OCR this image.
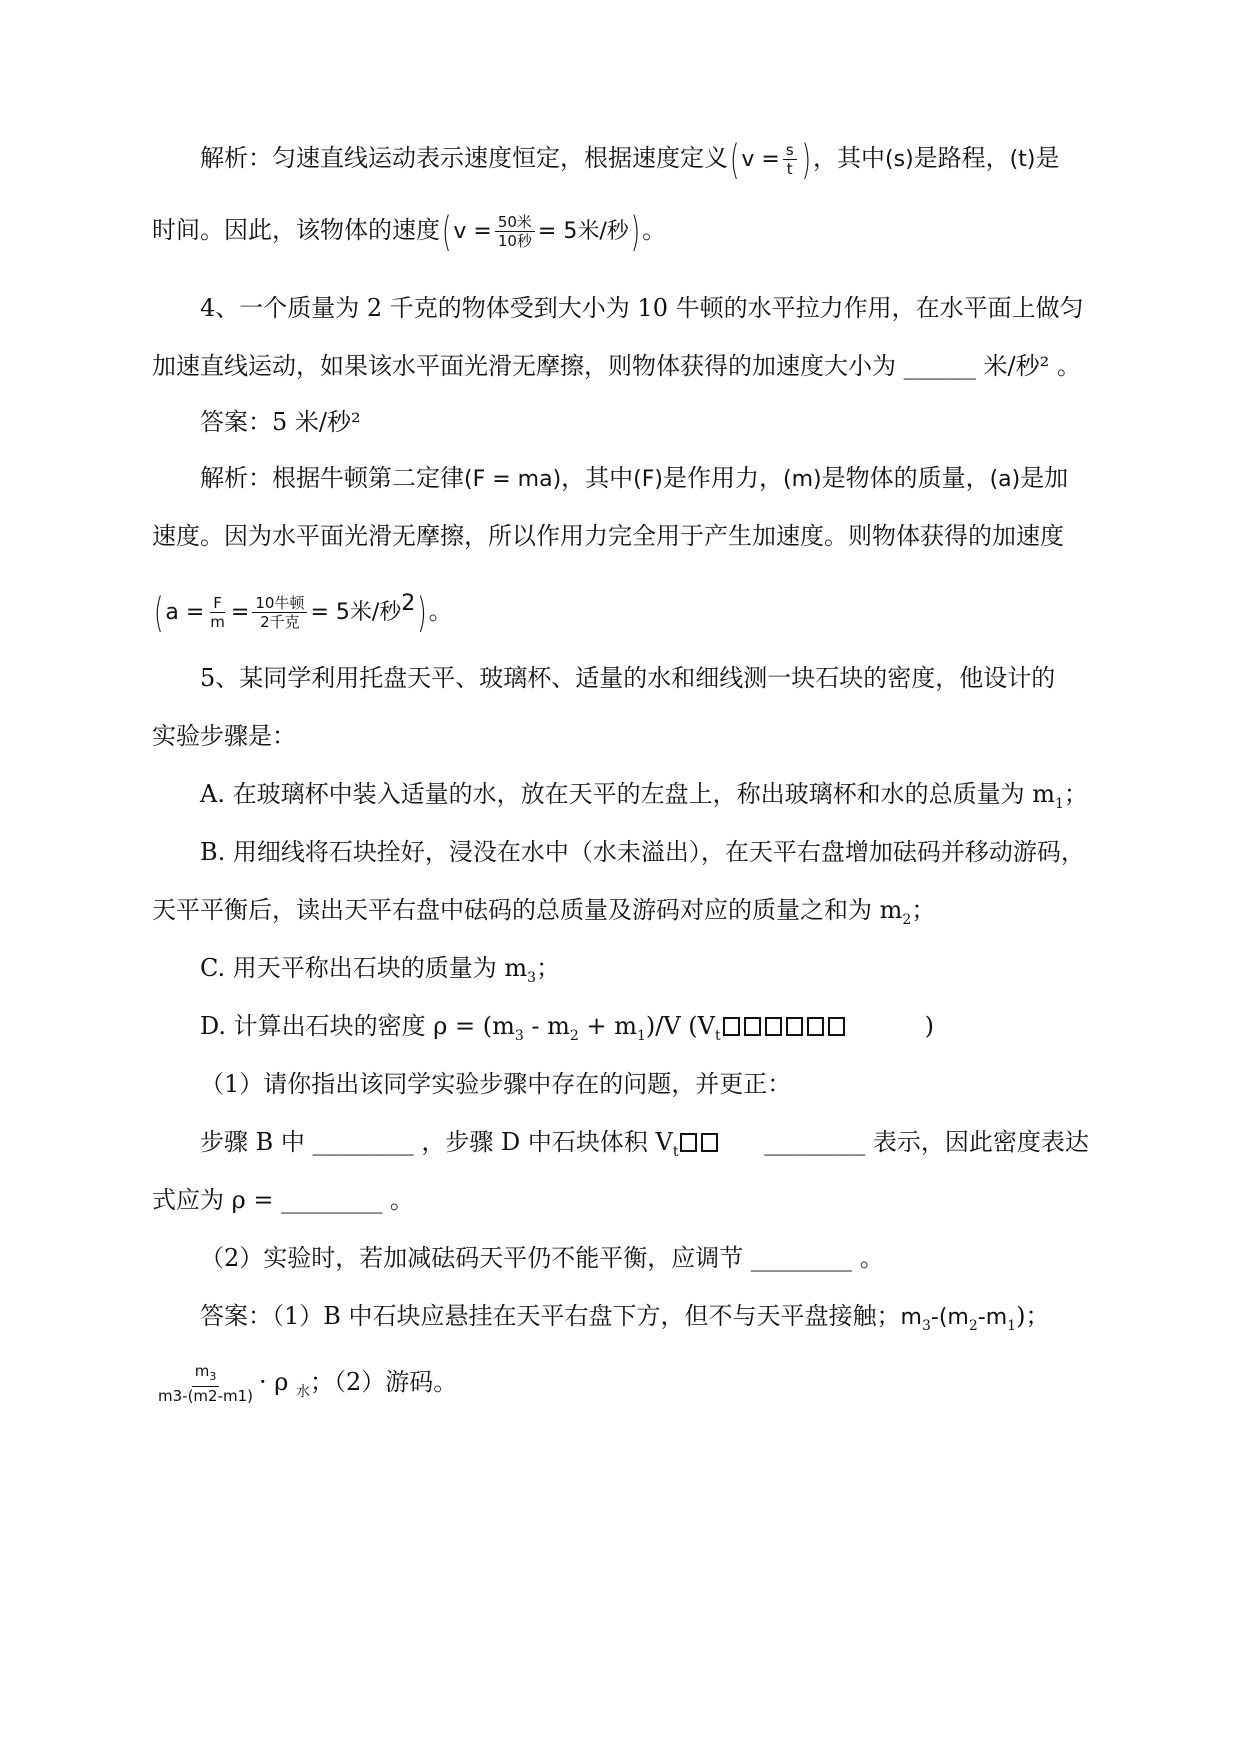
解析：匀速直线运动表示速度恒定，根据速度定义($v = \frac{s}{t}$ )，其中(s)是路程，(t)是
时间。因此，该物体的速度($v = \frac{\text{50米}}{\text{10秒}} = 5$米/秒)。
4、一个质量为 2 千克的物体受到大小为 10 牛顿的水平拉力作用，在水平面上做匀
加速直线运动，如果该水平面光滑无摩擦，则物体获得的加速度大小为 _____ 米/秒² 。
答案：5 米/秒²
解析：根据牛顿第二定律(F = ma)，其中(F)是作用力，(m)是物体的质量，(a)是加
速度。因为水平面光滑无摩擦，所以作用力完全用于产生加速度。则物体获得的加速度
($a = \frac{F}{m} = \frac{\text{10牛顿}}{\text{2千克}} = 5$米/秒$^2$)。
5、某同学利用托盘天平、玻璃杯、适量的水和细线测一块石块的密度，他设计的
实验步骤是：
A. 在玻璃杯中装入适量的水，放在天平的左盘上，称出玻璃杯和水的总质量为 $m_1$；
B. 用细线将石块拴好，浸没在水中（水未溢出），在天平右盘增加砝码并移动游码，
天平平衡后，读出天平右盘中砝码的总质量及游码对应的质量之和为 $m_2$；
C. 用天平称出石块的质量为 $m_3$；
D. 计算出石块的密度 $\rho = (m_3 - m_2 + m_1)/V$ ($V_t$	)
（1）请你指出该同学实验步骤中存在的问题，并更正：
步骤 B 中 _______ ，步骤 D 中石块体积 $V_t$	_______ 表示，因此密度表达
式应为 ρ = _______ 。
（2）实验时，若加减砝码天平仍不能平衡，应调节 _______ 。
答案：（1）B 中石块应悬挂在天平右盘下方，但不与天平盘接触；$m_3-(m_2-m_1)$；
$\frac{m_3}{m3-(m2-m1)} \cdot \rho$ $_水$；（2）游码。
